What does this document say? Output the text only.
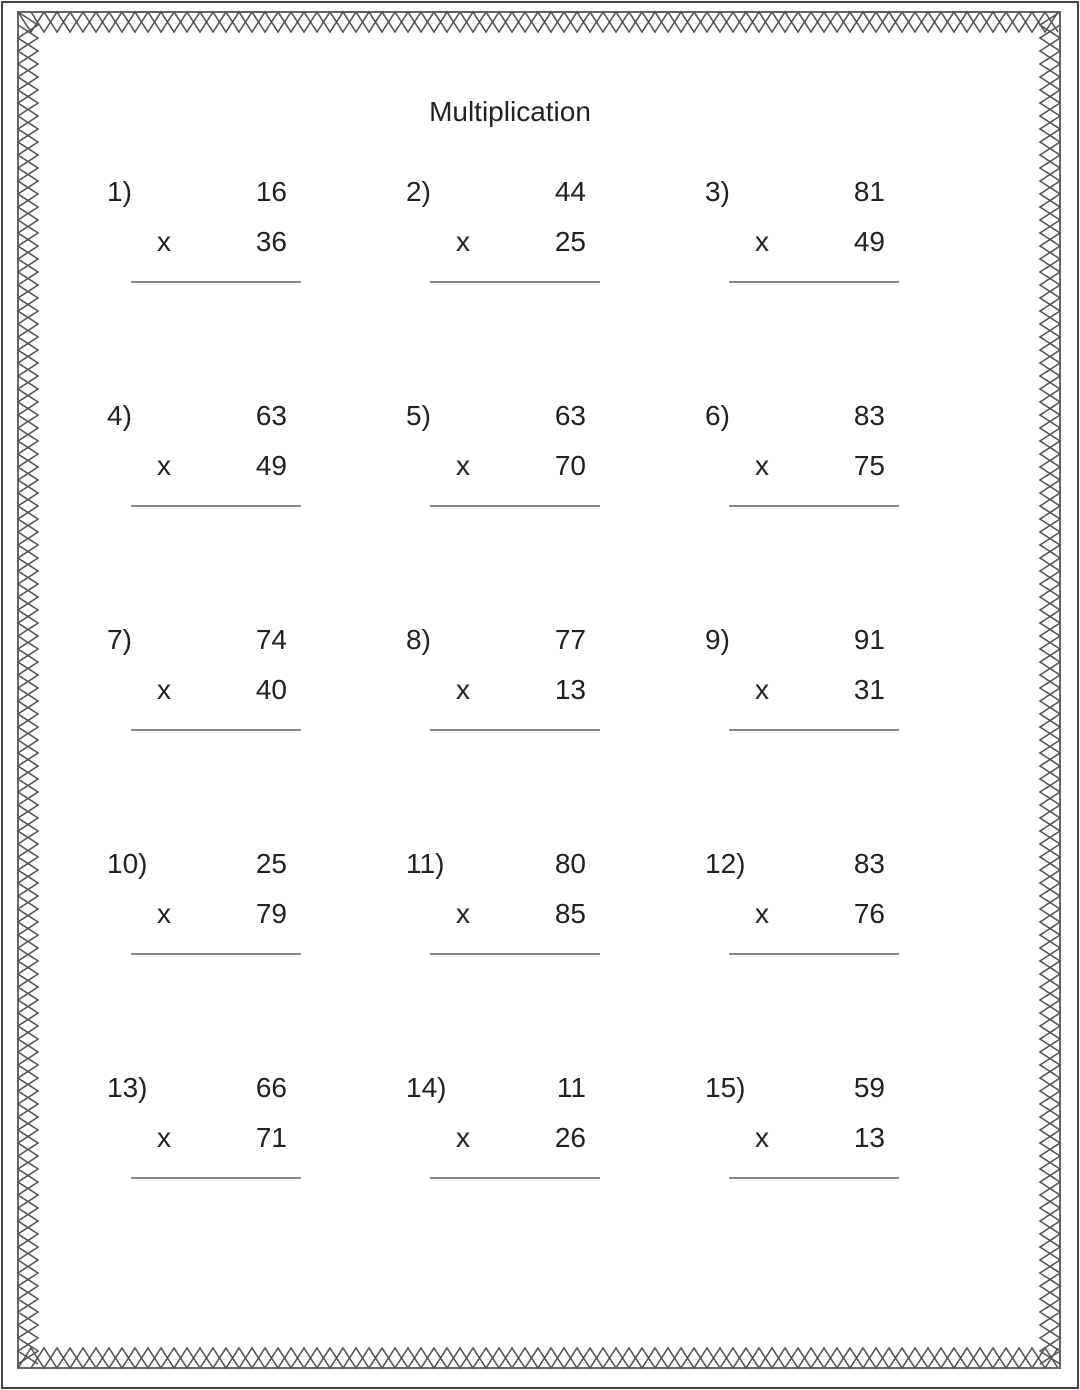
Multiplication
1)	16
x	36
2)	44
x	25
3)	81
x	49
4)	63
x	49
5)	63
x	70
6)	83
x	75
7)	74
x	40
8)	77
x	13
9)	91
x	31
10)	25
x	79
11)	80
x	85
12)	83
x	76
13)	66
x	71
14)	11
x	26
15)	59
x	13
